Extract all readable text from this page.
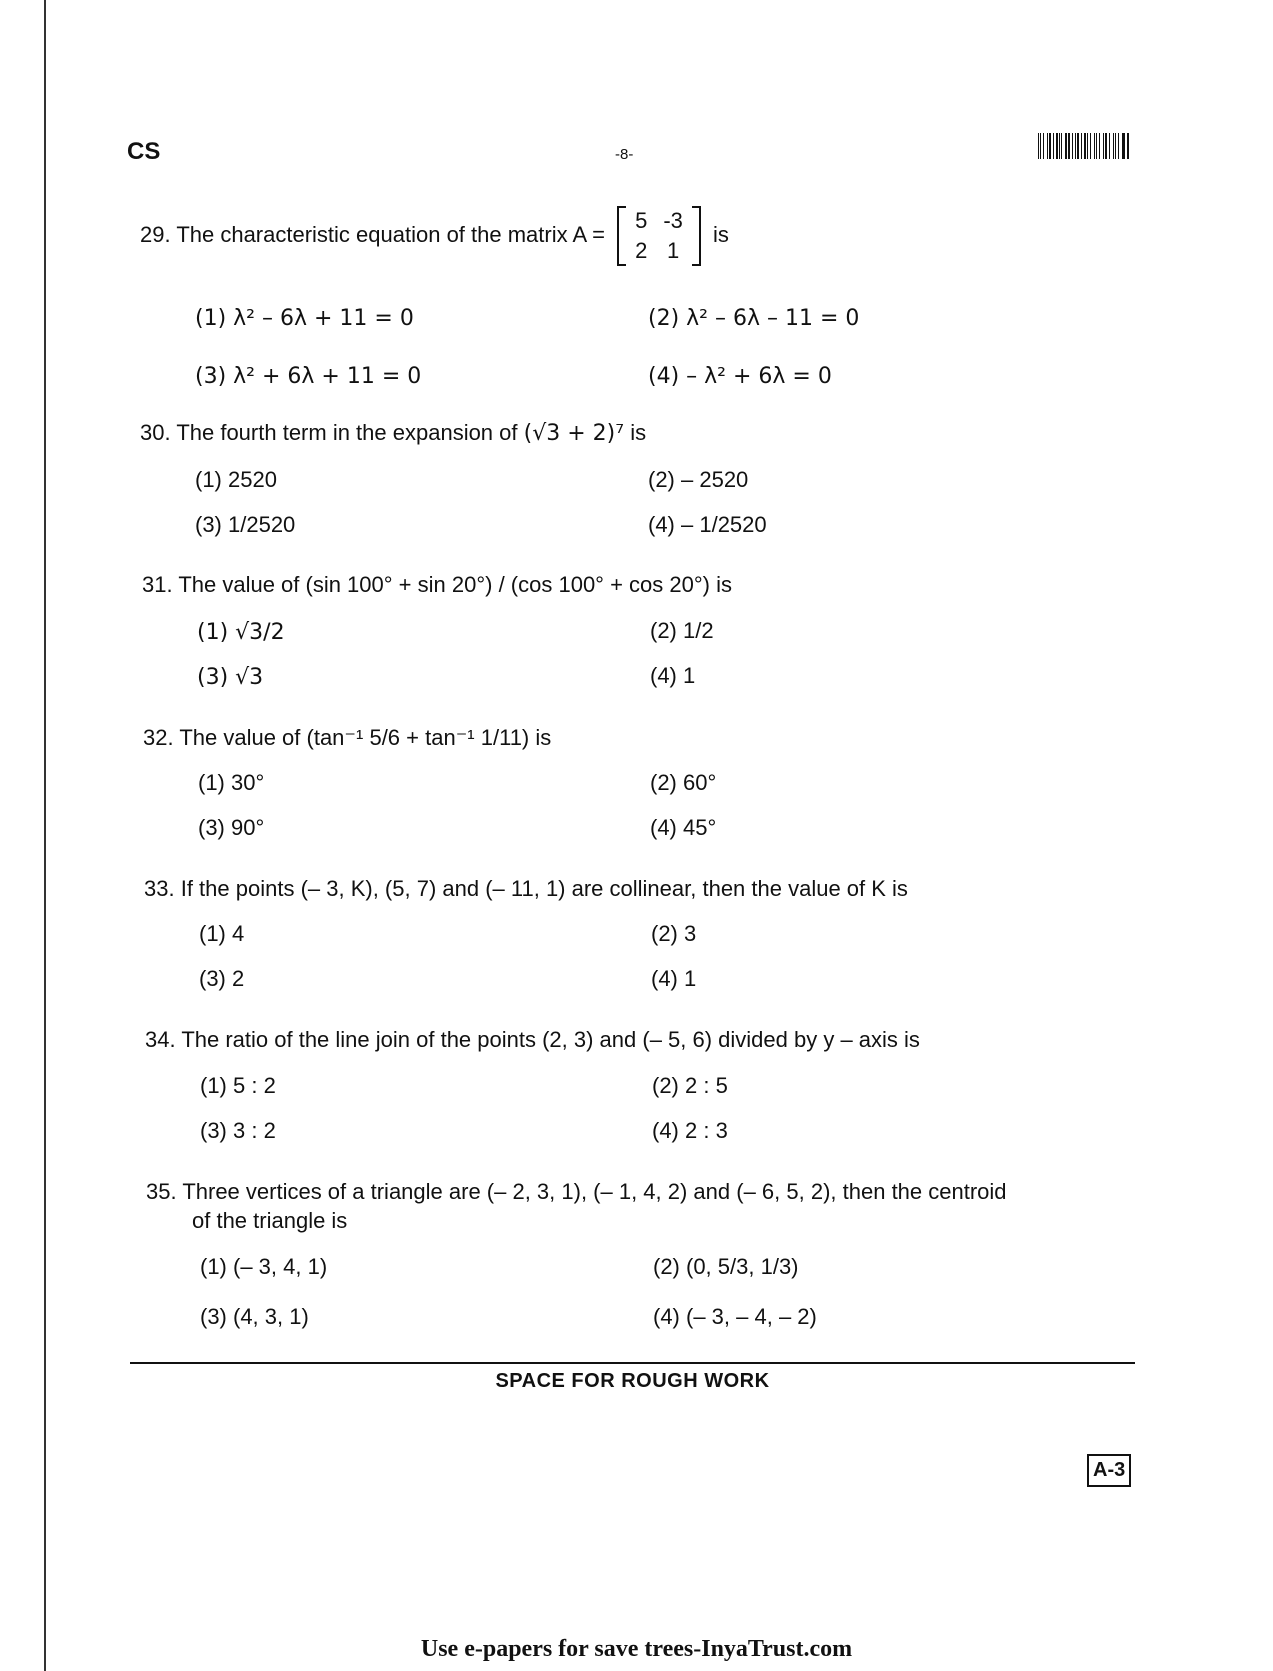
CS	-8-
29. The characteristic equation of the matrix A =
5	-3
2	1
is
(1) λ² – 6λ + 11 = 0	(2) λ² – 6λ – 11 = 0
(3) λ² + 6λ + 11 = 0	(4) – λ² + 6λ = 0
30. The fourth term in the expansion of (√3 + 2)⁷ is
(1) 2520	(2) – 2520
(3) 1/2520	(4) – 1/2520
31. The value of (sin 100° + sin 20°) / (cos 100° + cos 20°) is
(1) √3/2	(2) 1/2
(3) √3	(4) 1
32. The value of (tan⁻¹ 5/6 + tan⁻¹ 1/11) is
(1) 30°	(2) 60°
(3) 90°	(4) 45°
33. If the points (– 3, K), (5, 7) and (– 11, 1) are collinear, then the value of K is
(1) 4	(2) 3
(3) 2	(4) 1
34. The ratio of the line join of the points (2, 3) and (– 5, 6) divided by y – axis is
(1) 5 : 2	(2) 2 : 5
(3) 3 : 2	(4) 2 : 3
35. Three vertices of a triangle are (– 2, 3, 1), (– 1, 4, 2) and (– 6, 5, 2), then the centroid
of the triangle is
(1) (– 3, 4, 1)	(2) (0, 5/3, 1/3)
(3) (4, 3, 1)	(4) (– 3, – 4, – 2)
SPACE FOR ROUGH WORK
A-3
Use e-papers for save trees-InyaTrust.com
